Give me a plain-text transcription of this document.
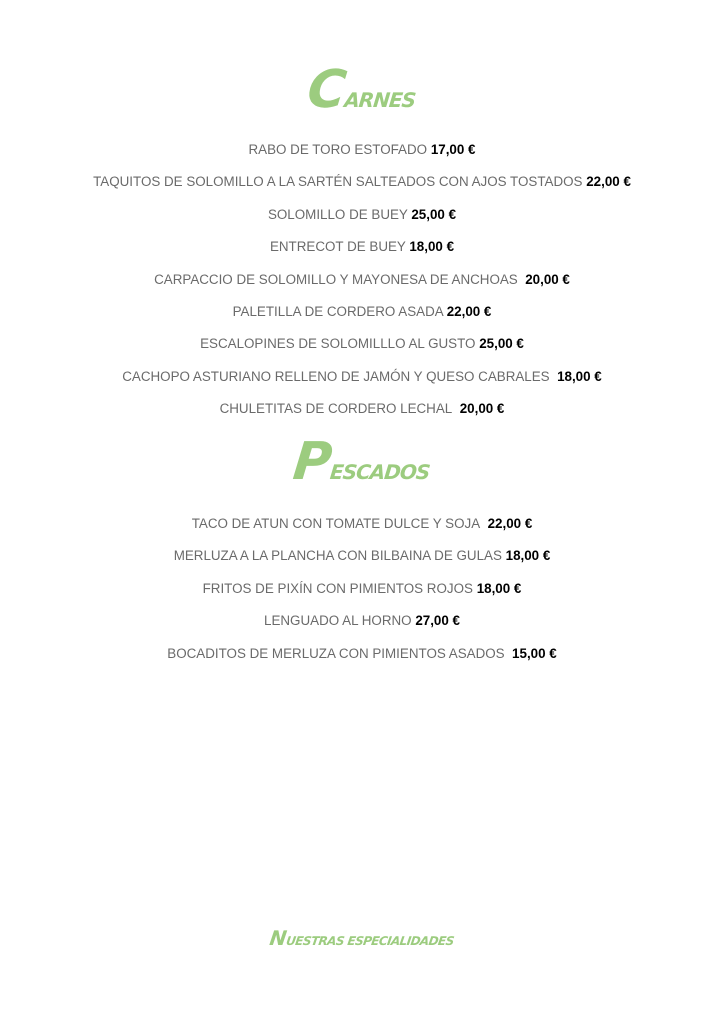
CARNES
RABO DE TORO ESTOFADO 17,00 €
TAQUITOS DE SOLOMILLO A LA SARTÉN SALTEADOS CON AJOS TOSTADOS 22,00 €
SOLOMILLO DE BUEY 25,00 €
ENTRECOT DE BUEY 18,00 €
CARPACCIO DE SOLOMILLO Y MAYONESA DE ANCHOAS 20,00 €
PALETILLA DE CORDERO ASADA 22,00 €
ESCALOPINES DE SOLOMILLLO AL GUSTO 25,00 €
CACHOPO ASTURIANO RELLENO DE JAMÓN Y QUESO CABRALES 18,00 €
CHULETITAS DE CORDERO LECHAL 20,00 €
PESCADOS
TACO DE ATUN CON TOMATE DULCE Y SOJA 22,00 €
MERLUZA A LA PLANCHA CON BILBAINA DE GULAS 18,00 €
FRITOS DE PIXÍN CON PIMIENTOS ROJOS 18,00 €
LENGUADO AL HORNO 27,00 €
BOCADITOS DE MERLUZA CON PIMIENTOS ASADOS 15,00 €
NUESTRAS ESPECIALIDADES
